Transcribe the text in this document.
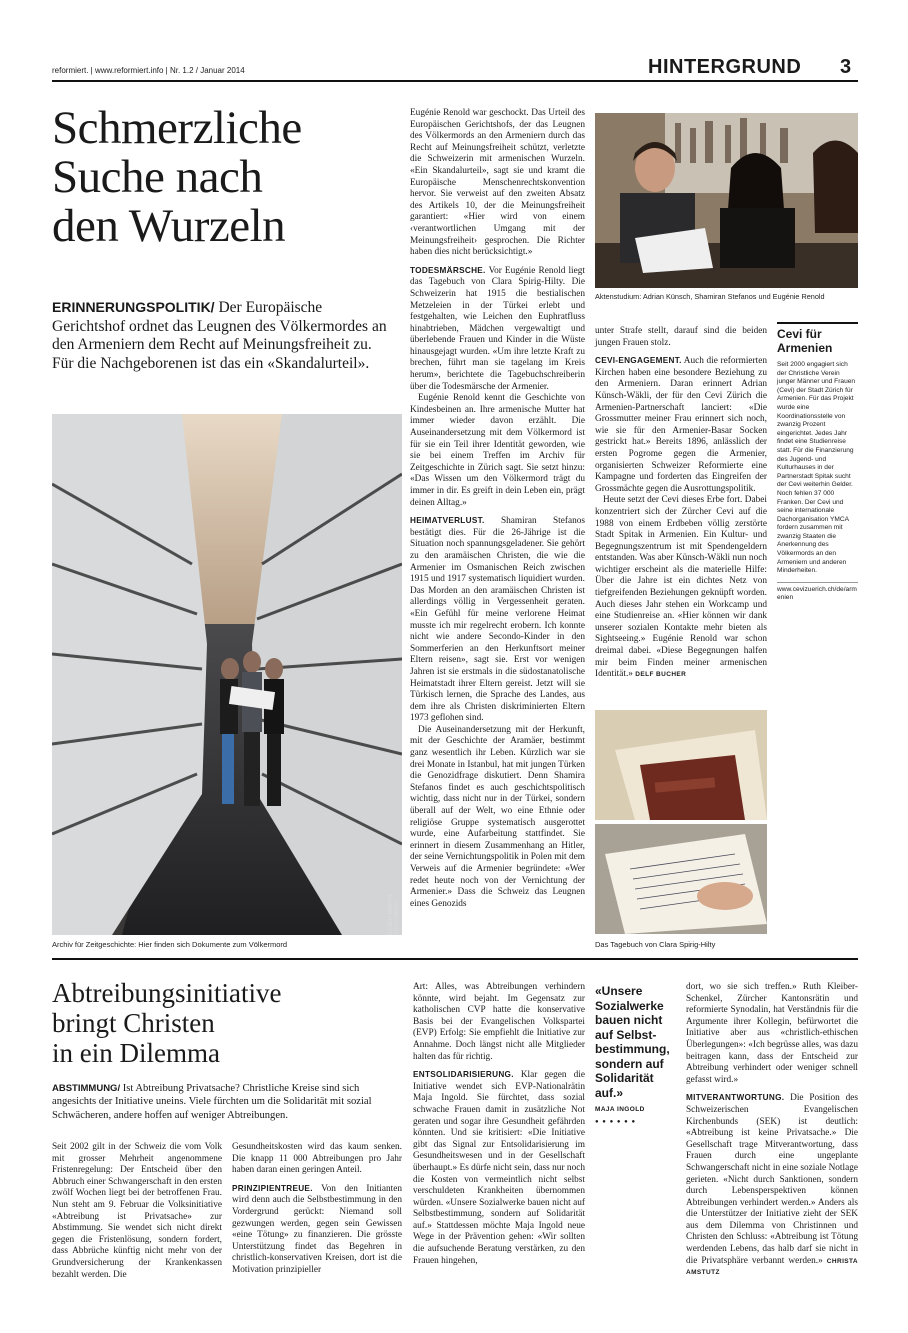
reformiert. | www.reformiert.info | Nr. 1.2 / Januar 2014	HINTERGRUND 3
Schmerzliche
Suche nach
den Wurzeln
ERINNERUNGSPOLITIK/ Der Europäische Gerichtshof ordnet das Leugnen des Völkermordes an den Armeniern dem Recht auf Meinungsfreiheit zu. Für die Nachgeborenen ist das ein «Skandalurteil».
BILDER: MARTIN GUGGISBERG
Archiv für Zeitgeschichte: Hier finden sich Dokumente zum Völkermord

Eugénie Renold war geschockt. Das Urteil des Europäischen Gerichtshofs, der das Leugnen des Völkermords an den Armeniern durch das Recht auf Meinungsfreiheit schützt, verletzte die Schweizerin mit armenischen Wurzeln. «Ein Skandalurteil», sagt sie und kramt die Europäische Menschenrechtskonvention hervor. Sie verweist auf den zweiten Absatz des Artikels 10, der die Meinungsfreiheit garantiert: «Hier wird von einem ‹verantwortlichen Umgang mit der Meinungsfreiheit› gesprochen. Die Richter haben dies nicht berücksichtigt.»

TODESMÄRSCHE. Vor Eugénie Renold liegt das Tagebuch von Clara Spirig-Hilty. Die Schweizerin hat 1915 die bestialischen Metzeleien in der Türkei erlebt und festgehalten, wie Leichen den Euphratfluss hinabtrieben, Mädchen vergewaltigt und überlebende Frauen und Kinder in die Wüste hinausgejagt wurden. «Um ihre letzte Kraft zu brechen, führt man sie tagelang im Kreis herum», berichtete die Tagebuchschreiberin über die Todesmärsche der Armenier.

Eugénie Renold kennt die Geschichte von Kindesbeinen an. Ihre armenische Mutter hat immer wieder davon erzählt. Die Auseinandersetzung mit dem Völkermord ist für sie ein Teil ihrer Identität geworden, wie sie bei einem Treffen im Archiv für Zeitgeschichte in Zürich sagt. Sie setzt hinzu: «Das Wissen um den Völkermord trägt du immer in dir. Es greift in dein Leben ein, prägt deinen Alltag.»

HEIMATVERLUST. Shamiran Stefanos bestätigt dies. Für die 26-Jährige ist die Situation noch spannungsgeladener. Sie gehört zu den aramäischen Christen, die wie die Armenier im Osmanischen Reich zwischen 1915 und 1917 systematisch liquidiert wurden. Das Morden an den aramäischen Christen ist allerdings völlig in Vergessenheit geraten. «Ein Gefühl für meine verlorene Heimat musste ich mir regelrecht erobern. Ich konnte nicht wie andere Secondo-Kinder in den Sommerferien an den Herkunftsort meiner Eltern reisen», sagt sie. Erst vor wenigen Jahren ist sie erstmals in die südostanatolische Heimatstadt ihrer Eltern gereist. Jetzt will sie Türkisch lernen, die Sprache des Landes, aus dem ihre als Christen diskriminierten Eltern 1973 geflohen sind.

Die Auseinandersetzung mit der Herkunft, mit der Geschichte der Aramäer, bestimmt ganz wesentlich ihr Leben. Kürzlich war sie drei Monate in Istanbul, hat mit jungen Türken die Genozidfrage diskutiert. Denn Shamira Stefanos findet es auch geschichtspolitisch wichtig, dass nicht nur in der Türkei, sondern überall auf der Welt, wo eine Ethnie oder religiöse Gruppe systematisch ausgerottet wurde, eine Aufarbeitung stattfindet. Sie erinnert in diesem Zusammenhang an Hitler, der seine Vernichtungspolitik in Polen mit dem Verweis auf die Armenier begründete: «Wer redet heute noch von der Vernichtung der Armenier.» Dass die Schweiz das Leugnen eines Genozids

Aktenstudium: Adrian Künsch, Shamiran Stefanos und Eugénie Renold

unter Strafe stellt, darauf sind die beiden jungen Frauen stolz.

CEVI-ENGAGEMENT. Auch die reformierten Kirchen haben eine besondere Beziehung zu den Armeniern. Daran erinnert Adrian Künsch-Wäkli, der für den Cevi Zürich die Armenien-Partnerschaft lanciert: «Die Grossmutter meiner Frau erinnert sich noch, wie sie für den Armenier-Basar Socken gestrickt hat.» Bereits 1896, anlässlich der ersten Pogrome gegen die Armenier, organisierten Schweizer Reformierte eine Kampagne und forderten das Eingreifen der Grossmächte gegen die Ausrottungspolitik.

Heute setzt der Cevi dieses Erbe fort. Dabei konzentriert sich der Zürcher Cevi auf die 1988 von einem Erdbeben völlig zerstörte Stadt Spitak in Armenien. Ein Kultur- und Begegnungszentrum ist mit Spendengeldern entstanden. Was aber Künsch-Wäkli nun noch wichtiger erscheint als die materielle Hilfe: Über die Jahre ist ein dichtes Netz von tiefgreifenden Beziehungen geknüpft worden. Auch dieses Jahr stehen ein Workcamp und eine Studienreise an. «Hier können wir dank unserer sozialen Kontakte mehr bieten als Sightseeing.» Eugénie Renold war schon dreimal dabei. «Diese Begegnungen halfen mir beim Finden meiner armenischen Identität.» DELF BUCHER

Cevi für Armenien
Seit 2000 engagiert sich der Christliche Verein junger Männer und Frauen (Cevi) der Stadt Zürich für Armenien. Für das Projekt wurde eine Koordinationsstelle von zwanzig Prozent eingerichtet. Jedes Jahr findet eine Studienreise statt. Für die Finanzierung des Jugend- und Kulturhauses in der Partnerstadt Spitak sucht der Cevi weiterhin Gelder. Noch fehlen 37 000 Franken. Der Cevi und seine internationale Dachorganisation YMCA fordern zusammen mit zwanzig Staaten die Anerkennung des Völkermords an den Armeniern und anderen Minderheiten.
www.cevizuerich.ch/de/armenien
Das Tagebuch von Clara Spirig-Hilty
Abtreibungsinitiative
bringt Christen
in ein Dilemma
ABSTIMMUNG/ Ist Abtreibung Privatsache? Christliche Kreise sind sich angesichts der Initiative uneins. Viele fürchten um die Solidarität mit sozial Schwächeren, andere hoffen auf weniger Abtreibungen.

Seit 2002 gilt in der Schweiz die vom Volk mit grosser Mehrheit angenommene Fristenregelung: Der Entscheid über den Abbruch einer Schwangerschaft in den ersten zwölf Wochen liegt bei der betroffenen Frau. Nun steht am 9. Februar die Volksinitiative «Abtreibung ist Privatsache» zur Abstimmung. Sie wendet sich nicht direkt gegen die Fristenlösung, sondern fordert, dass Abbrüche künftig nicht mehr von der Grundversicherung der Krankenkassen bezahlt werden. Die

Gesundheitskosten wird das kaum senken. Die knapp 11 000 Abtreibungen pro Jahr haben daran einen geringen Anteil.

PRINZIPIENTREUE. Von den Initianten wird denn auch die Selbstbestimmung in den Vordergrund gerückt: Niemand soll gezwungen werden, gegen sein Gewissen «eine Tötung» zu finanzieren. Die grösste Unterstützung findet das Begehren in christlich-konservativen Kreisen, dort ist die Motivation prinzipieller

Art: Alles, was Abtreibungen verhindern könnte, wird bejaht. Im Gegensatz zur katholischen CVP hatte die konservative Basis bei der Evangelischen Volkspartei (EVP) Erfolg: Sie empfiehlt die Initiative zur Annahme. Doch längst nicht alle Mitglieder halten das für richtig.

ENTSOLIDARISIERUNG. Klar gegen die Initiative wendet sich EVP-Nationalrätin Maja Ingold. Sie fürchtet, dass sozial schwache Frauen damit in zusätzliche Not geraten und sogar ihre Gesundheit gefährden könnten. Und sie kritisiert: «Die Initiative gibt das Signal zur Entsolidarisierung im Gesundheitswesen und in der Gesellschaft überhaupt.» Es dürfe nicht sein, dass nur noch die Kosten von vermeintlich nicht selbst verschuldeten Krankheiten übernommen würden. «Unsere Sozialwerke bauen nicht auf Selbstbestimmung, sondern auf Solidarität auf.» Stattdessen möchte Maja Ingold neue Wege in der Prävention gehen: «Wir sollten die aufsuchende Beratung verstärken, zu den Frauen hingehen,

«Unsere Sozialwerke bauen nicht auf Selbstbestimmung, sondern auf Solidarität auf.»
MAJA INGOLD
● ● ● ● ● ●

dort, wo sie sich treffen.» Ruth Kleiber-Schenkel, Zürcher Kantonsrätin und reformierte Synodalin, hat Verständnis für die Argumente ihrer Kollegin, befürwortet die Initiative aber aus «christlich-ethischen Überlegungen»: «Ich begrüsse alles, was dazu beitragen kann, dass der Entscheid zur Abtreibung verhindert oder weniger schnell gefasst wird.»

MITVERANTWORTUNG. Die Position des Schweizerischen Evangelischen Kirchenbunds (SEK) ist deutlich: «Abtreibung ist keine Privatsache.» Die Gesellschaft trage Mitverantwortung, dass Frauen durch eine ungeplante Schwangerschaft nicht in eine soziale Notlage gerieten. «Nicht durch Sanktionen, sondern durch Lebensperspektiven können Abtreibungen verhindert werden.» Anders als die Unterstützer der Initiative zieht der SEK aus dem Dilemma von Christinnen und Christen den Schluss: «Abtreibung ist Tötung werdenden Lebens, das halb darf sie nicht in die Privatsphäre verbannt werden.» CHRISTA AMSTUTZ
